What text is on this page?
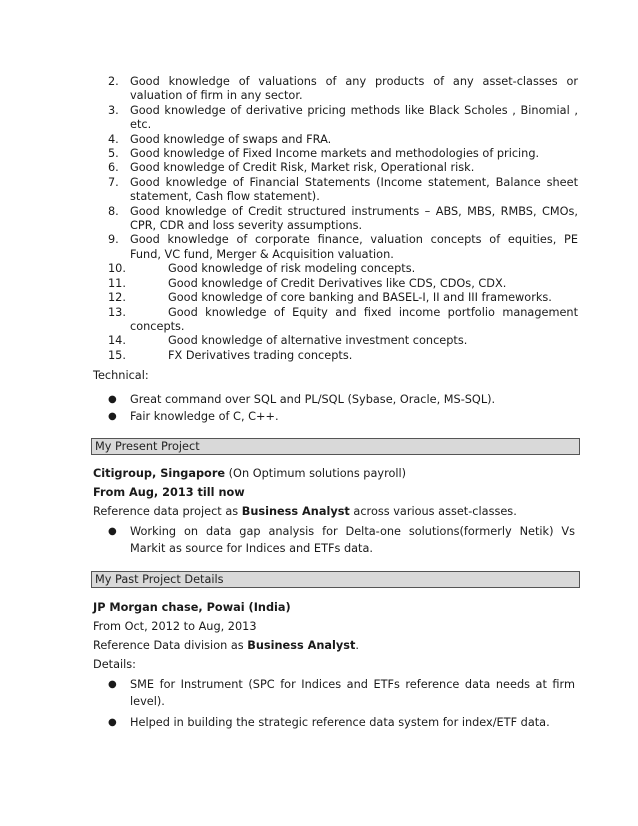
2. Good knowledge of valuations of any products of any asset-classes or
valuation of firm in any sector.
3. Good knowledge of derivative pricing methods like Black Scholes , Binomial ,
etc.
4. Good knowledge of swaps and FRA.
5. Good knowledge of Fixed Income markets and methodologies of pricing.
6. Good knowledge of Credit Risk, Market risk, Operational risk.
7. Good knowledge of Financial Statements (Income statement, Balance sheet
statement, Cash flow statement).
8. Good knowledge of Credit structured instruments – ABS, MBS, RMBS, CMOs,
CPR, CDR and loss severity assumptions.
9. Good knowledge of corporate finance, valuation concepts of equities, PE
Fund, VC fund, Merger & Acquisition valuation.
10.	Good knowledge of risk modeling concepts.
11.	Good knowledge of Credit Derivatives like CDS, CDOs, CDX.
12.	Good knowledge of core banking and BASEL-I, II and III frameworks.
13.	Good knowledge of Equity and fixed income portfolio management
concepts.
14.	Good knowledge of alternative investment concepts.
15.	FX Derivatives trading concepts.
Technical:
●	Great command over SQL and PL/SQL (Sybase, Oracle, MS-SQL).
●	Fair knowledge of C, C++.
My Present Project
Citigroup, Singapore (On Optimum solutions payroll)
From Aug, 2013 till now
Reference data project as Business Analyst across various asset-classes.
●	Working on data gap analysis for Delta-one solutions(formerly Netik) Vs
Markit as source for Indices and ETFs data.
My Past Project Details
JP Morgan chase, Powai (India)
From Oct, 2012 to Aug, 2013
Reference Data division as Business Analyst.
Details:
●	SME for Instrument (SPC for Indices and ETFs reference data needs at firm
level).
●	Helped in building the strategic reference data system for index/ETF data.
